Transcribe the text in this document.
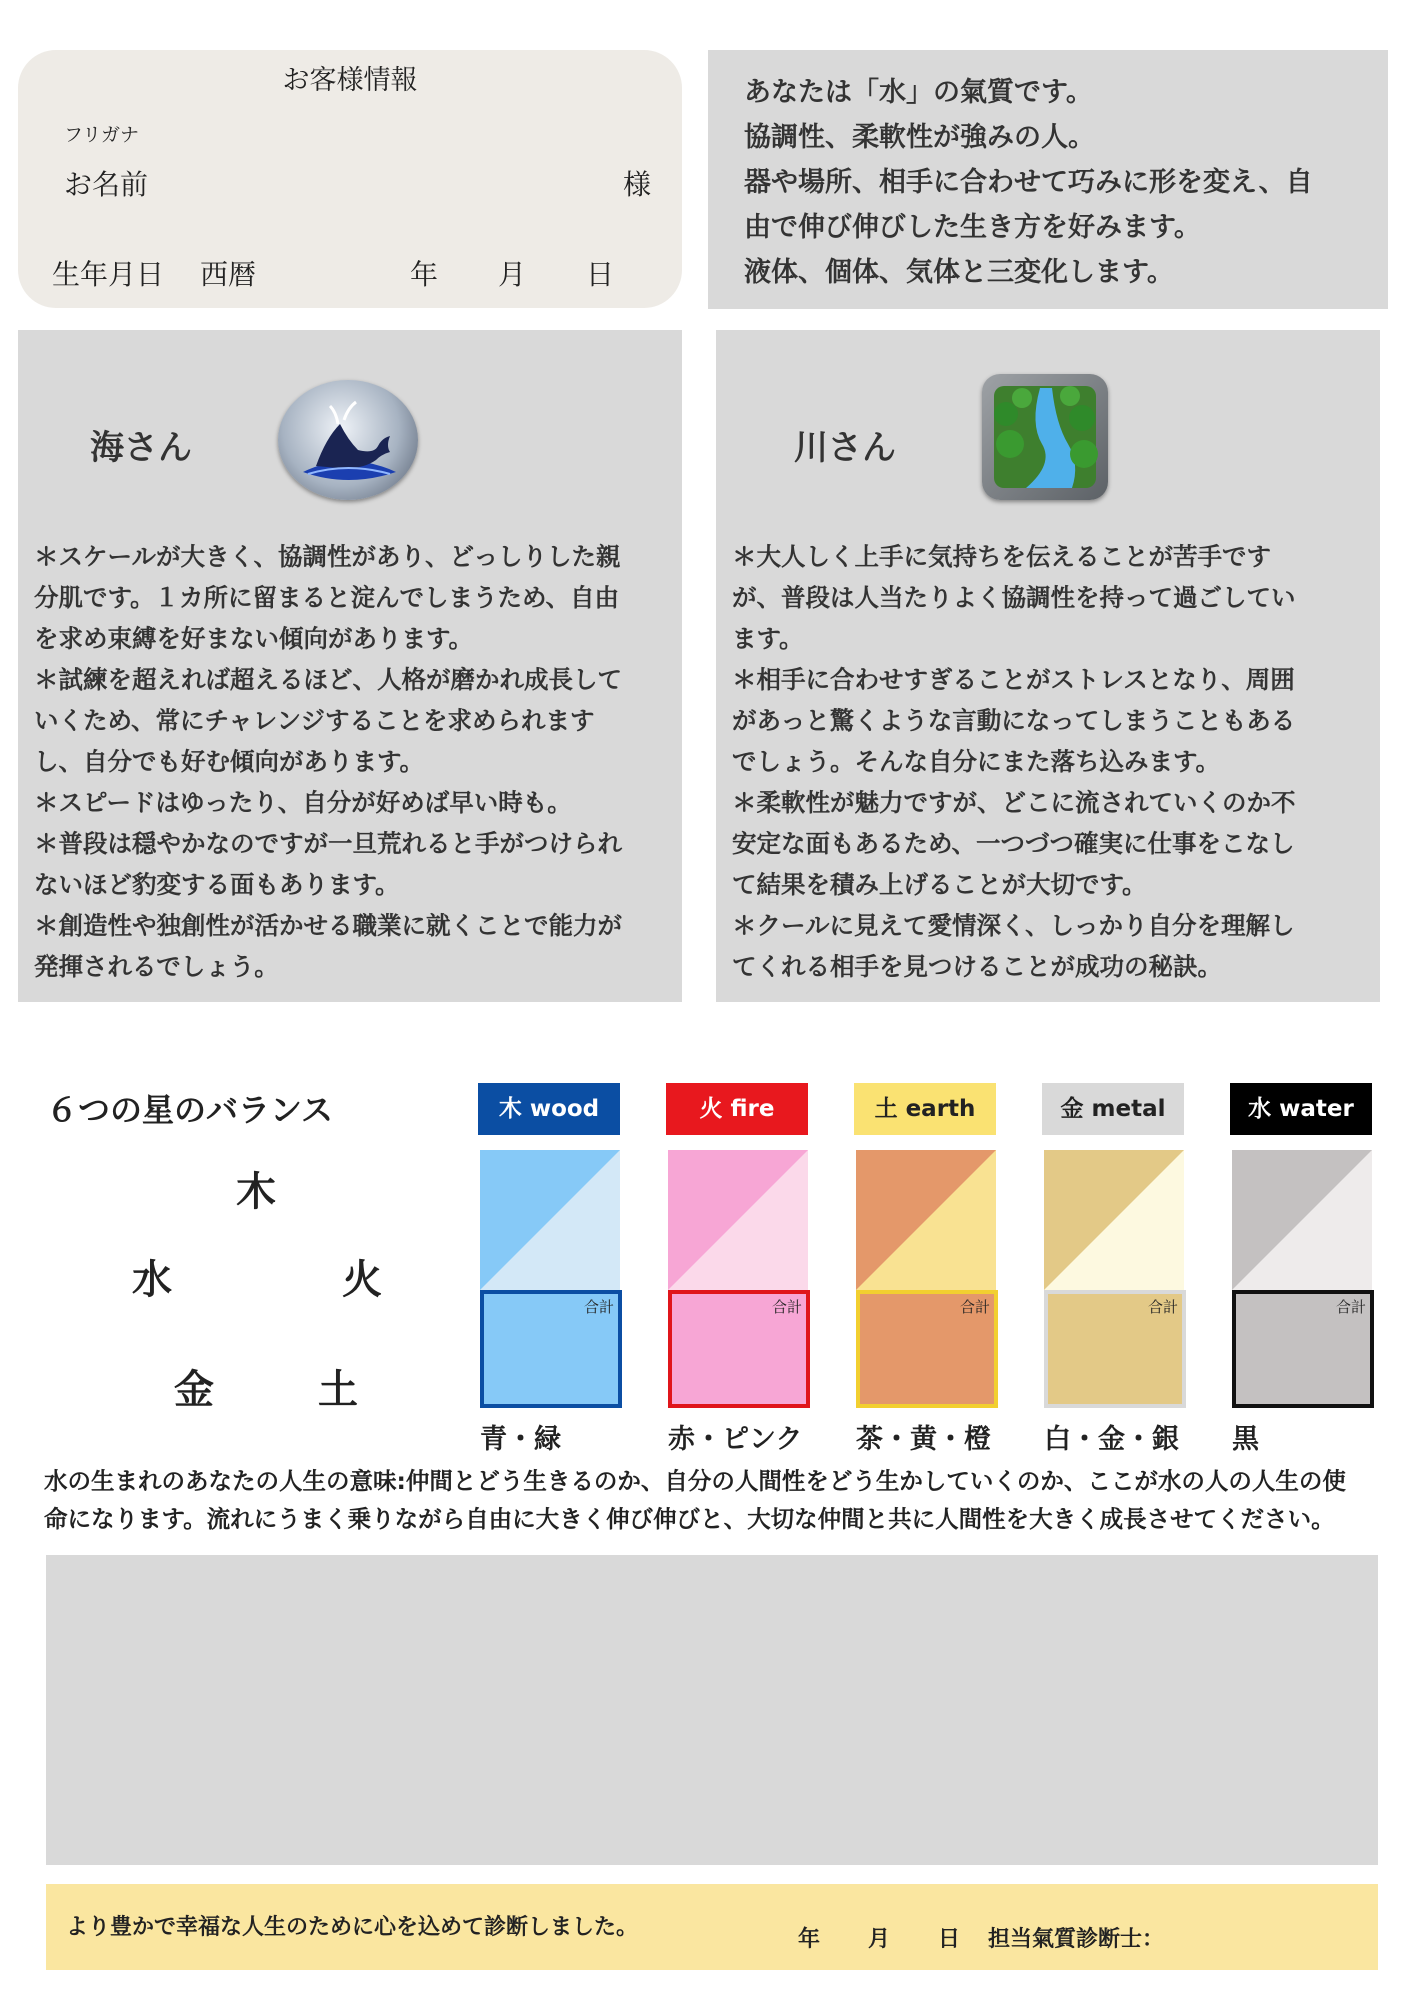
お客様情報
フリガナ
お名前	様
生年月日 西暦	年 月 日
あなたは「水」の氣質です。
協調性、柔軟性が強みの人。
器や場所、相手に合わせて巧みに形を変え、自
由で伸び伸びした生き方を好みます。
液体、個体、気体と三変化します。
海さん
＊スケールが大きく、協調性があり、どっしりした親
分肌です。１カ所に留まると淀んでしまうため、自由
を求め束縛を好まない傾向があります。
＊試練を超えれば超えるほど、人格が磨かれ成長して
いくため、常にチャレンジすることを求められます
し、自分でも好む傾向があります。
＊スピードはゆったり、自分が好めば早い時も。
＊普段は穏やかなのですが一旦荒れると手がつけられ
ないほど豹変する面もあります。
＊創造性や独創性が活かせる職業に就くことで能力が
発揮されるでしょう。
川さん
＊大人しく上手に気持ちを伝えることが苦手です
が、普段は人当たりよく協調性を持って過ごしてい
ます。
＊相手に合わせすぎることがストレスとなり、周囲
があっと驚くような言動になってしまうこともある
でしょう。そんな自分にまた落ち込みます。
＊柔軟性が魅力ですが、どこに流されていくのか不
安定な面もあるため、一つづつ確実に仕事をこなし
て結果を積み上げることが大切です。
＊クールに見えて愛情深く、しっかり自分を理解し
てくれる相手を見つけることが成功の秘訣。
６つの星のバランス
木
水	火
金	土
木 wood
合計
青・緑
火 fire
合計
赤・ピンク
土 earth
合計
茶・黄・橙
金 metal
合計
白・金・銀
水 water
合計
黒
水の生まれのあなたの人生の意味:仲間とどう生きるのか、自分の人間性をどう生かしていくのか、ここが水の人の人生の使
命になります。流れにうまく乗りながら自由に大きく伸び伸びと、大切な仲間と共に人間性を大きく成長させてください。
より豊かで幸福な人生のために心を込めて診断しました。	年 月 日 担当氣質診断士：
